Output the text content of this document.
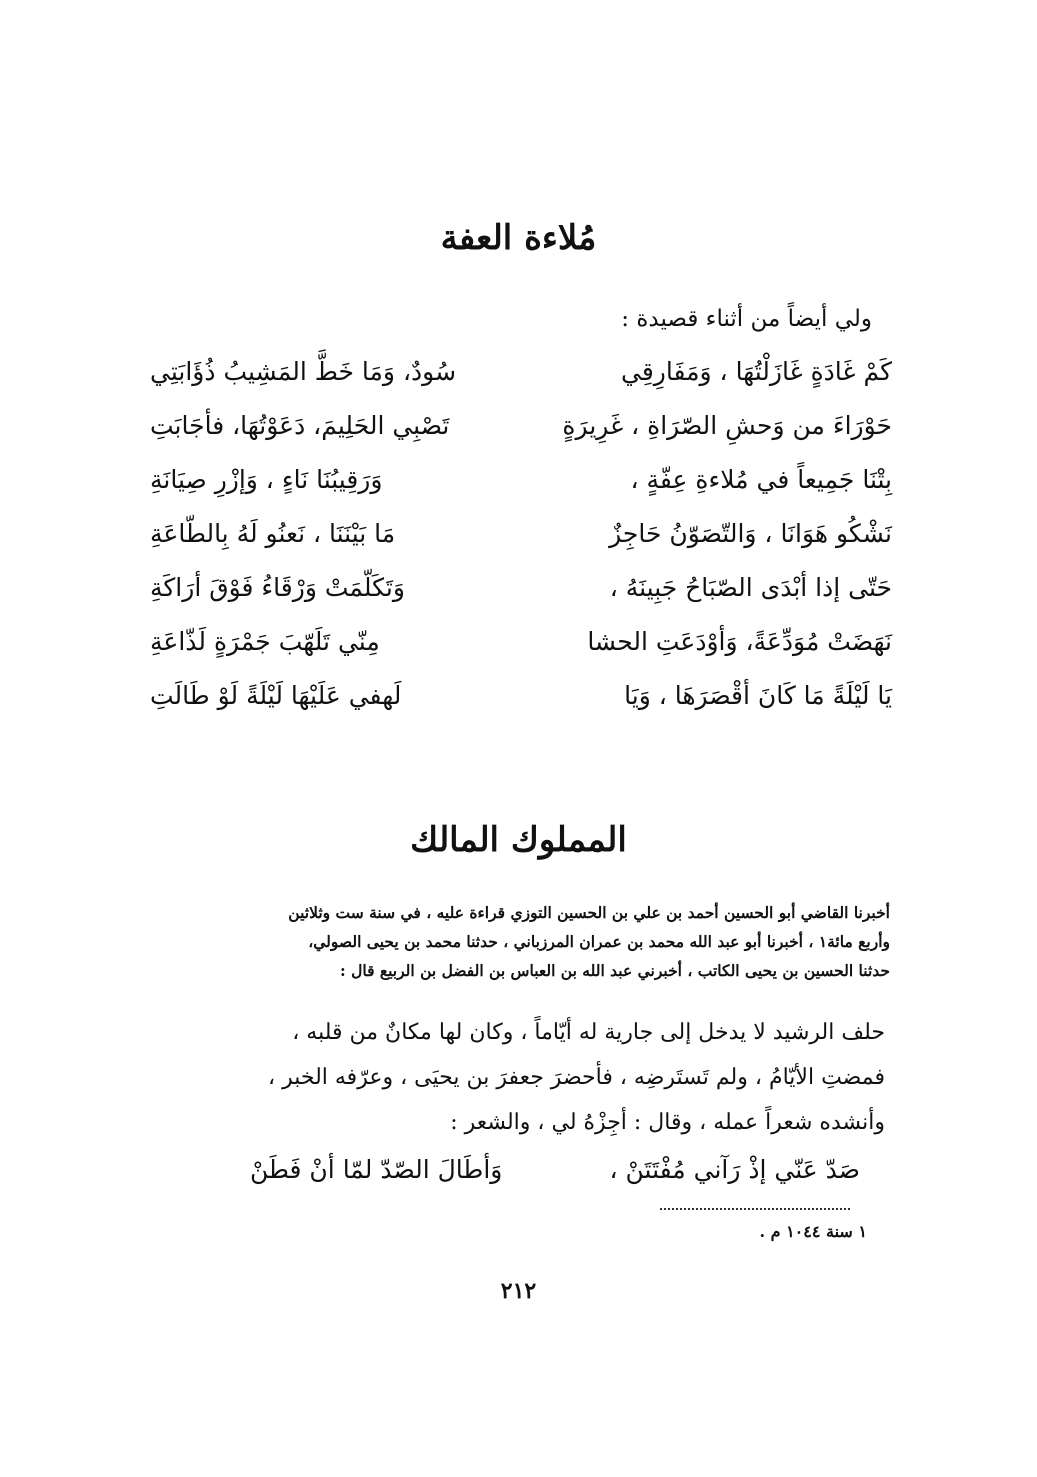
مُلاءة العفة

ولي أيضاً من أثناء قصيدة :

كَمْ غَادَةٍ غَازَلْتُهَا ، وَمَفَارِقِي
سُودٌ، وَمَا خَطَّ المَشِيبُ ذُؤَابَتِي
حَوْرَاءَ من وَحشِ الصّرَاةِ ، غَرِيرَةٍ
تَصْبِي الحَلِيمَ، دَعَوْتُهَا، فأجَابَتِ
بِتْنَا جَمِيعاً في مُلاءةِ عِفّةٍ ،
وَرَقِيبُنَا نَاءٍ ، وَإزْرِ صِيَانَةِ
نَشْكُو هَوَانَا ، وَالتّصَوّنُ حَاجِزٌ
مَا بَيْنَنَا ، نَعنُو لَهُ بِالطّاعَةِ
حَتّى إذا أبْدَى الصّبَاحُ جَبِينَهُ ،
وَتَكَلّمَتْ وَرْقَاءُ فَوْقَ أرَاكَةِ
نَهَضَتْ مُوَدِّعَةً، وَأوْدَعَتِ الحشا
مِنّي تَلَهّبَ جَمْرَةٍ لَذّاعَةِ
يَا لَيْلَةً مَا كَانَ أقْصَرَهَا ، وَيَا
لَهفي عَلَيْهَا لَيْلَةً لَوْ طَالَتِ
المملوك المالك

أخبرنا القاضي أبو الحسين أحمد بن علي بن الحسين التوزي قراءة عليه ، في سنة ست وثلاثين
وأربع مائة١ ، أخبرنا أبو عبد الله محمد بن عمران المرزباني ، حدثنا محمد بن يحيى الصولي،
حدثنا الحسين بن يحيى الكاتب ، أخبرني عبد الله بن العباس بن الفضل بن الربيع قال :

حلف الرشيد لا يدخل إلى جارية له أيّاماً ، وكان لها مكانٌ من قلبه ،
فمضتِ الأيّامُ ، ولم تَستَرضِه ، فأحضرَ جعفرَ بن يحيَى ، وعرّفه الخبر ،
وأنشده شعراً عمله ، وقال : أجِزْهُ لي ، والشعر :

صَدّ عَنّي إذْ رَآني مُفْتَتَنْ ،
وَأطَالَ الصّدّ لمّا أنْ فَطَنْ

١ سنة ١٠٤٤ م .

٢١٢
